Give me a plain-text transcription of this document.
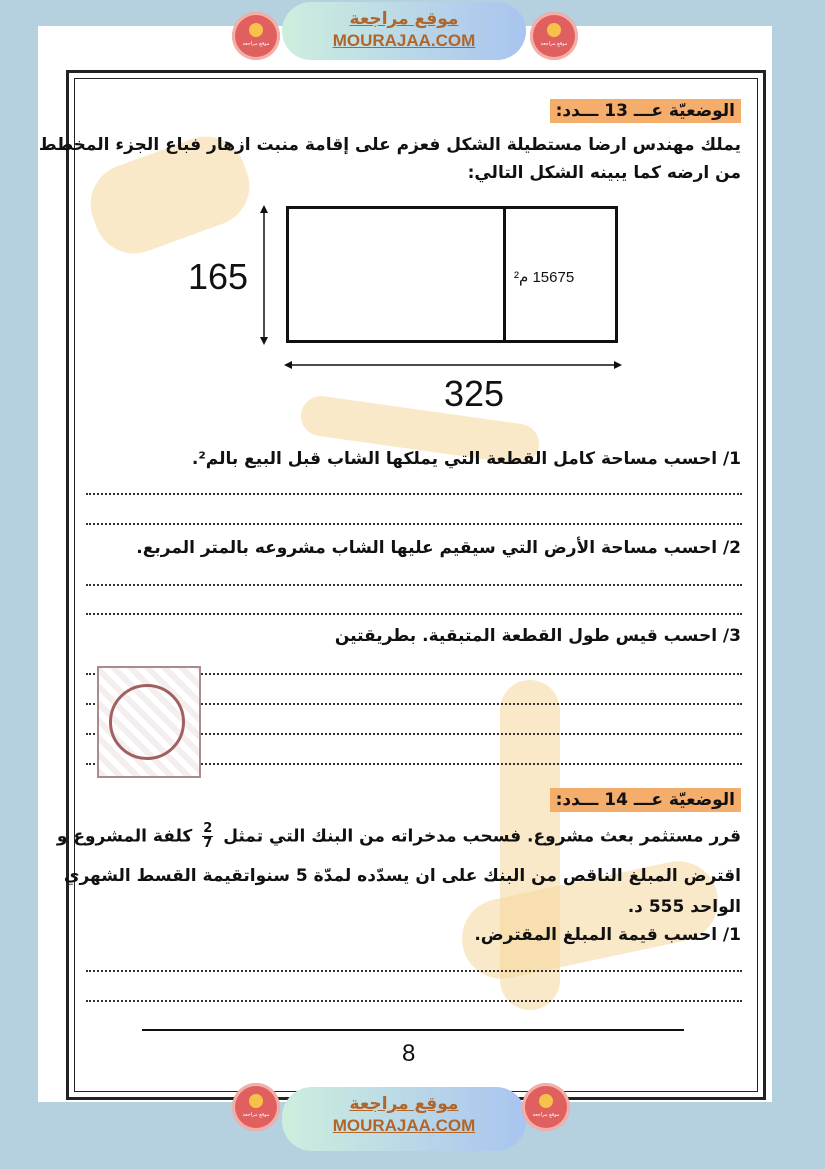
موقع مراجعة
موقع مراجعة
MOURAJAA.COM	موقع مراجعة
الوضعيّة عـــ 13 ـــدد:
يملك مهندس ارضا مستطيلة الشكل فعزم على إقامة منبت ازهار فباع الجزء المخطط
من ارضه كما يبينه الشكل التالي:
165
325
15675 م²
1/ احسب مساحة كامل القطعة التي يملكها الشاب قبل البيع بالم².
2/ احسب مساحة الأرض التي سيقيم عليها الشاب مشروعه بالمتر المربع.
3/ احسب قيس طول القطعة المتبقية. بطريقتين
الوضعيّة عـــ 14 ـــدد:
قرر مستثمر بعث مشروع. فسحب مدخراته من البنك التي تمثل
$\frac{2}{7}$
كلفة المشروع و
اقترض المبلغ الناقص من البنك على ان يسدّده لمدّة 5 سنواتقيمة القسط الشهري
الواحد 555 د.
1/ احسب قيمة المبلغ المقترض.
8
موقع مراجعة
موقع مراجعة
MOURAJAA.COM
موقع مراجعة
